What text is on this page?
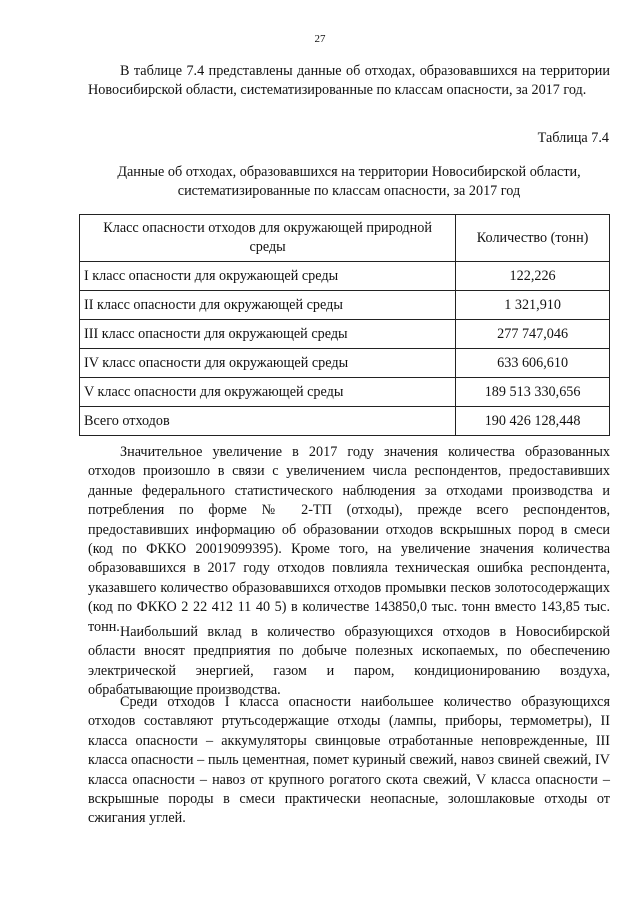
27

В таблице 7.4 представлены данные об отходах, образовавшихся на территории Новосибирской области, систематизированные по классам опасности, за 2017 год.

Таблица 7.4
Данные об отходах, образовавшихся на территории Новосибирской области, систематизированные по классам опасности, за 2017 год
Класс опасности отходов для окружающей природной среды	Количество (тонн)
I класс опасности для окружающей среды	122,226
II класс опасности для окружающей среды	1 321,910
III класс опасности для окружающей среды	277 747,046
IV класс опасности для окружающей среды	633 606,610
V класс опасности для окружающей среды	189 513 330,656
Всего отходов	190 426 128,448

Значительное увеличение в 2017 году значения количества образованных отходов произошло в связи с увеличением числа респондентов, предоставивших данные федерального статистического наблюдения за отходами производства и потребления по форме № 2-ТП (отходы), прежде всего респондентов, предоставивших информацию об образовании отходов вскрышных пород в смеси (код по ФККО 20019099395). Кроме того, на увеличение значения количества образовавшихся в 2017 году отходов повлияла техническая ошибка респондента, указавшего количество образовавшихся отходов промывки песков золотосодержащих (код по ФККО 2 22 412 11 40 5) в количестве 143850,0 тыс. тонн вместо 143,85 тыс. тонн. Наибольший вклад в количество образующихся отходов в Новосибирской области вносят предприятия по добыче полезных ископаемых, по обеспечению электрической энергией, газом и паром, кондиционированию воздуха, обрабатывающие производства.

Среди отходов I класса опасности наибольшее количество образующихся отходов составляют ртутьсодержащие отходы (лампы, приборы, термометры), II класса опасности – аккумуляторы свинцовые отработанные неповрежденные, III класса опасности – пыль цементная, помет куриный свежий, навоз свиней свежий, IV класса опасности – навоз от крупного рогатого скота свежий, V класса опасности – вскрышные породы в смеси практически неопасные, золошлаковые отходы от сжигания углей.
